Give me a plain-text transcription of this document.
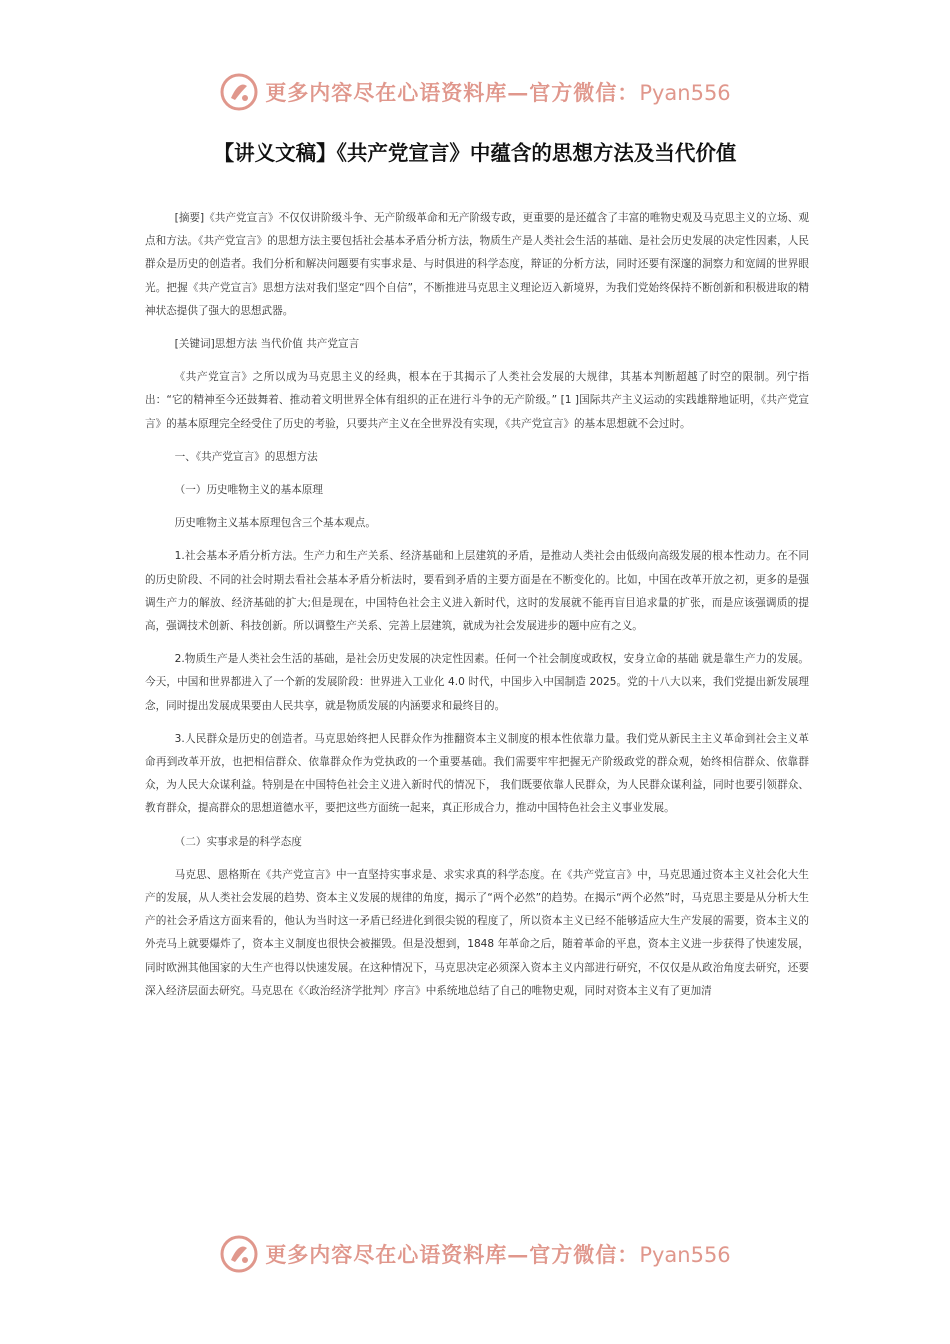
更多内容尽在心语资料库—官方微信：Pyan556
【讲义文稿】《共产党宣言》中蕴含的思想方法及当代价值

[摘要]《共产党宣言》不仅仅讲阶级斗争、无产阶级革命和无产阶级专政，更重要的是还蕴含了丰富的唯物史观及马克思主义的立场、观点和方法。《共产党宣言》的思想方法主要包括社会基本矛盾分析方法，物质生产是人类社会生活的基础、是社会历史发展的决定性因素，人民群众是历史的创造者。我们分析和解决问题要有实事求是、与时俱进的科学态度，辩证的分析方法，同时还要有深邃的洞察力和宽阔的世界眼光。把握《共产党宣言》思想方法对我们坚定“四个自信”，不断推进马克思主义理论迈入新境界，为我们党始终保持不断创新和积极进取的精神状态提供了强大的思想武器。

[关键词]思想方法 当代价值 共产党宣言

《共产党宣言》之所以成为马克思主义的经典，根本在于其揭示了人类社会发展的大规律，其基本判断超越了时空的限制。列宁指出：“它的精神至今还鼓舞着、推动着文明世界全体有组织的正在进行斗争的无产阶级。” [1 ]国际共产主义运动的实践雄辩地证明，《共产党宣言》的基本原理完全经受住了历史的考验，只要共产主义在全世界没有实现，《共产党宣言》的基本思想就不会过时。

一、《共产党宣言》的思想方法

（一）历史唯物主义的基本原理

历史唯物主义基本原理包含三个基本观点。

1.社会基本矛盾分析方法。生产力和生产关系、经济基础和上层建筑的矛盾，是推动人类社会由低级向高级发展的根本性动力。在不同的历史阶段、不同的社会时期去看社会基本矛盾分析法时，要看到矛盾的主要方面是在不断变化的。比如，中国在改革开放之初，更多的是强调生产力的解放、经济基础的扩大;但是现在，中国特色社会主义进入新时代，这时的发展就不能再盲目追求量的扩张，而是应该强调质的提高，强调技术创新、科技创新。所以调整生产关系、完善上层建筑，就成为社会发展进步的题中应有之义。

2.物质生产是人类社会生活的基础，是社会历史发展的决定性因素。任何一个社会制度或政权，安身立命的基础 就是靠生产力的发展。今天，中国和世界都进入了一个新的发展阶段：世界进入工业化 4.0 时代，中国步入中国制造 2025。党的十八大以来，我们党提出新发展理念，同时提出发展成果要由人民共享，就是物质发展的内涵要求和最终目的。

3.人民群众是历史的创造者。马克思始终把人民群众作为推翻资本主义制度的根本性依靠力量。我们党从新民主主义革命到社会主义革命再到改革开放，也把相信群众、依靠群众作为党执政的一个重要基础。我们需要牢牢把握无产阶级政党的群众观，始终相信群众、依靠群众，为人民大众谋利益。特别是在中国特色社会主义进入新时代的情况下， 我们既要依靠人民群众，为人民群众谋利益，同时也要引领群众、教育群众，提高群众的思想道德水平，要把这些方面统一起来，真正形成合力，推动中国特色社会主义事业发展。

（二）实事求是的科学态度

马克思、恩格斯在《共产党宣言》中一直坚持实事求是、求实求真的科学态度。在《共产党宣言》中，马克思通过资本主义社会化大生产的发展，从人类社会发展的趋势、资本主义发展的规律的角度，揭示了“两个必然”的趋势。在揭示“两个必然”时，马克思主要是从分析大生产的社会矛盾这方面来看的，他认为当时这一矛盾已经进化到很尖锐的程度了，所以资本主义已经不能够适应大生产发展的需要，资本主义的外壳马上就要爆炸了，资本主义制度也很快会被摧毁。但是没想到，1848 年革命之后，随着革命的平息，资本主义进一步获得了快速发展，同时欧洲其他国家的大生产也得以快速发展。在这种情况下，马克思决定必须深入资本主义内部进行研究，不仅仅是从政治角度去研究，还要深入经济层面去研究。马克思在《〈政治经济学批判〉序言》中系统地总结了自己的唯物史观，同时对资本主义有了更加清

更多内容尽在心语资料库—官方微信：Pyan556
